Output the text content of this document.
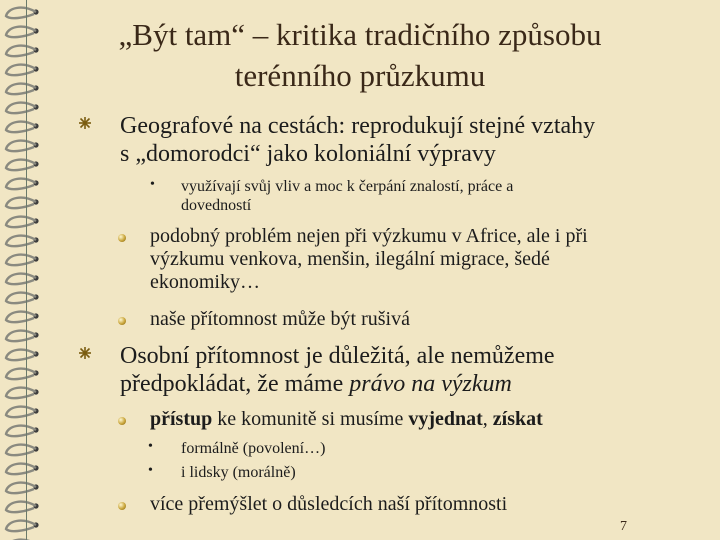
„Být tam“ – kritika tradičního způsobu
terénního průzkumu
Geografové na cestách: reprodukují stejné vztahy
s „domorodci“ jako koloniální výpravy
• využívají svůj vliv a moc k čerpání znalostí, práce a
dovedností
podobný problém nejen při výzkumu v Africe, ale i při
výzkumu venkova, menšin, ilegální migrace, šedé
ekonomiky…
naše přítomnost může být rušivá
Osobní přítomnost je důležitá, ale nemůžeme
předpokládat, že máme právo na výzkum
přístup ke komunitě si musíme vyjednat, získat
• formálně (povolení…)
• i lidsky (morálně)
více přemýšlet o důsledcích naší přítomnosti
7
